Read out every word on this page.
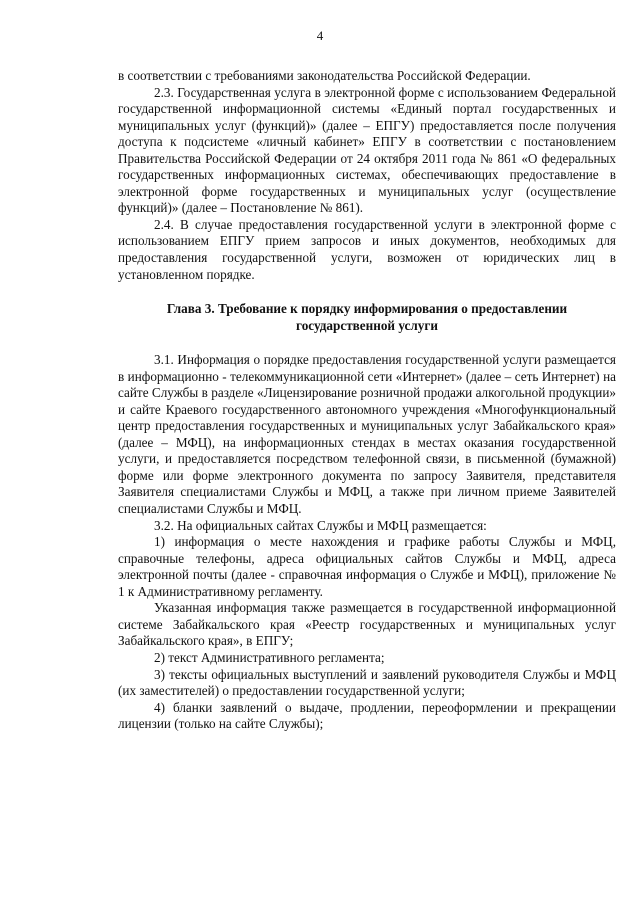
4

в соответствии с требованиями законодательства Российской Федерации.

2.3. Государственная услуга в электронной форме с использованием Федеральной государственной информационной системы «Единый портал государственных и муниципальных услуг (функций)» (далее – ЕПГУ) предоставляется после получения доступа к подсистеме «личный кабинет» ЕПГУ в соответствии с постановлением Правительства Российской Федерации от 24 октября 2011 года № 861 «О федеральных государственных информационных системах, обеспечивающих предоставление в электронной форме государственных и муниципальных услуг (осуществление функций)» (далее – Постановление № 861).

2.4. В случае предоставления государственной услуги в электронной форме с использованием ЕПГУ прием запросов и иных документов, необходимых для предоставления государственной услуги, возможен от юридических лиц в установленном порядке.

Глава 3. Требование к порядку информирования о предоставлении государственной услуги

3.1. Информация о порядке предоставления государственной услуги размещается в информационно - телекоммуникационной сети «Интернет» (далее – сеть Интернет) на сайте Службы в разделе «Лицензирование розничной продажи алкогольной продукции» и сайте Краевого государственного автономного учреждения «Многофункциональный центр предоставления государственных и муниципальных услуг Забайкальского края» (далее – МФЦ), на информационных стендах в местах оказания государственной услуги, и предоставляется посредством телефонной связи, в письменной (бумажной) форме или форме электронного документа по запросу Заявителя, представителя Заявителя специалистами Службы и МФЦ, а также при личном приеме Заявителей специалистами Службы и МФЦ.

3.2. На официальных сайтах Службы и МФЦ размещается:

1) информация о месте нахождения и графике работы Службы и МФЦ, справочные телефоны, адреса официальных сайтов Службы и МФЦ, адреса электронной почты (далее - справочная информация о Службе и МФЦ), приложение № 1 к Административному регламенту.

Указанная информация также размещается в государственной информационной системе Забайкальского края «Реестр государственных и муниципальных услуг Забайкальского края», в ЕПГУ;

2) текст Административного регламента;

3) тексты официальных выступлений и заявлений руководителя Службы и МФЦ (их заместителей) о предоставлении государственной услуги;

4) бланки заявлений о выдаче, продлении, переоформлении и прекращении лицензии (только на сайте Службы);
